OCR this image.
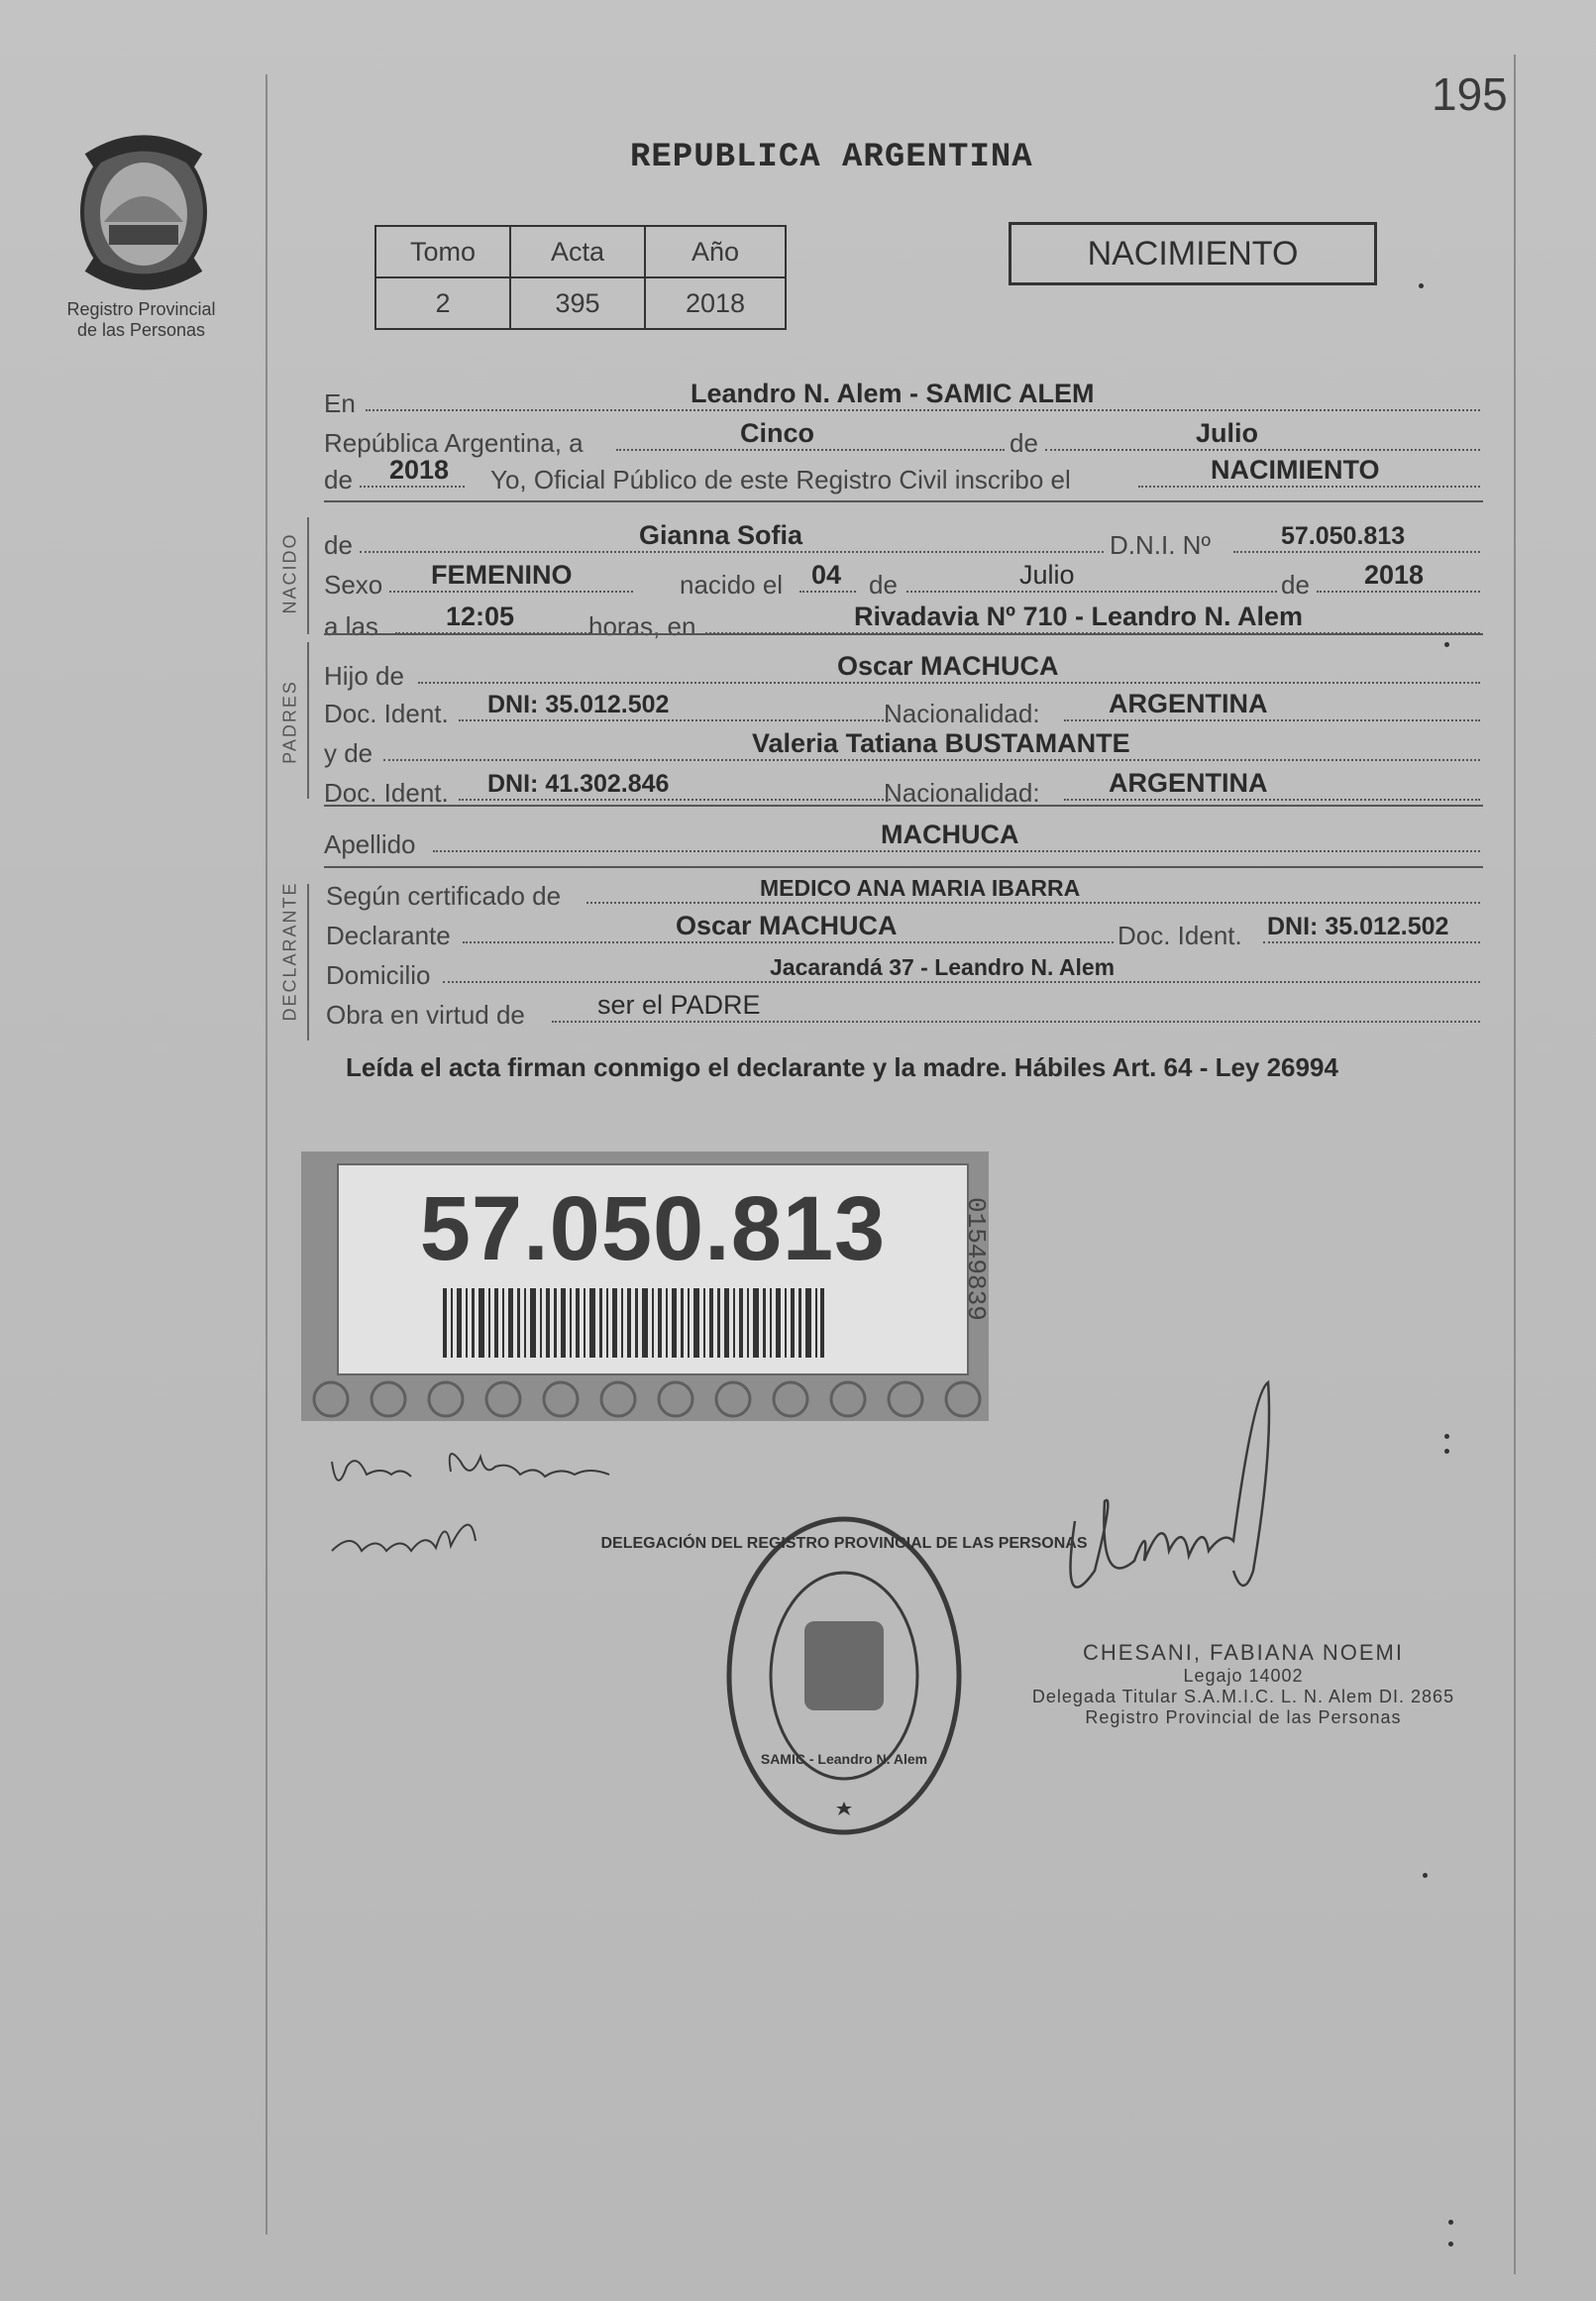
195
Registro Provincial
de las Personas
REPUBLICA ARGENTINA
Tomo	Acta	Año
2	395	2018
NACIMIENTO
En	Leandro N. Alem - SAMIC ALEM
República Argentina, a	Cinco	de	Julio
de 2018 Yo, Oficial Público de este Registro Civil inscribo el	NACIMIENTO
NACIDO de	Gianna Sofia	D.N.I. Nº	57.050.813
Sexo FEMENINO	nacido el 04 de	Julio	de 2018
a las	12:05	horas, en	Rivadavia Nº 710 - Leandro N. Alem
PADRES
Hijo de	Oscar MACHUCA
Doc. Ident. DNI: 35.012.502	Nacionalidad:	ARGENTINA
y de	Valeria Tatiana BUSTAMANTE
Doc. Ident. DNI: 41.302.846	Nacionalidad:	ARGENTINA
Apellido	MACHUCA
DECLARANTE Según certificado de	MEDICO ANA MARIA IBARRA
Declarante	Oscar MACHUCA	Doc. Ident. DNI: 35.012.502
Domicilio	Jacarandá 37 - Leandro N. Alem
Obra en virtud de	ser el PADRE
Leída el acta firman conmigo el declarante y la madre. Hábiles Art. 64 - Ley 26994
57.050.813	01549839
DELEGACIÓN DEL REGISTRO PROVINCIAL DE LAS PERSONAS
SAMIC - Leandro N. Alem
CHESANI, FABIANA NOEMI
Legajo 14002
Delegada Titular S.A.M.I.C. L. N. Alem DI. 2865
Registro Provincial de las Personas
